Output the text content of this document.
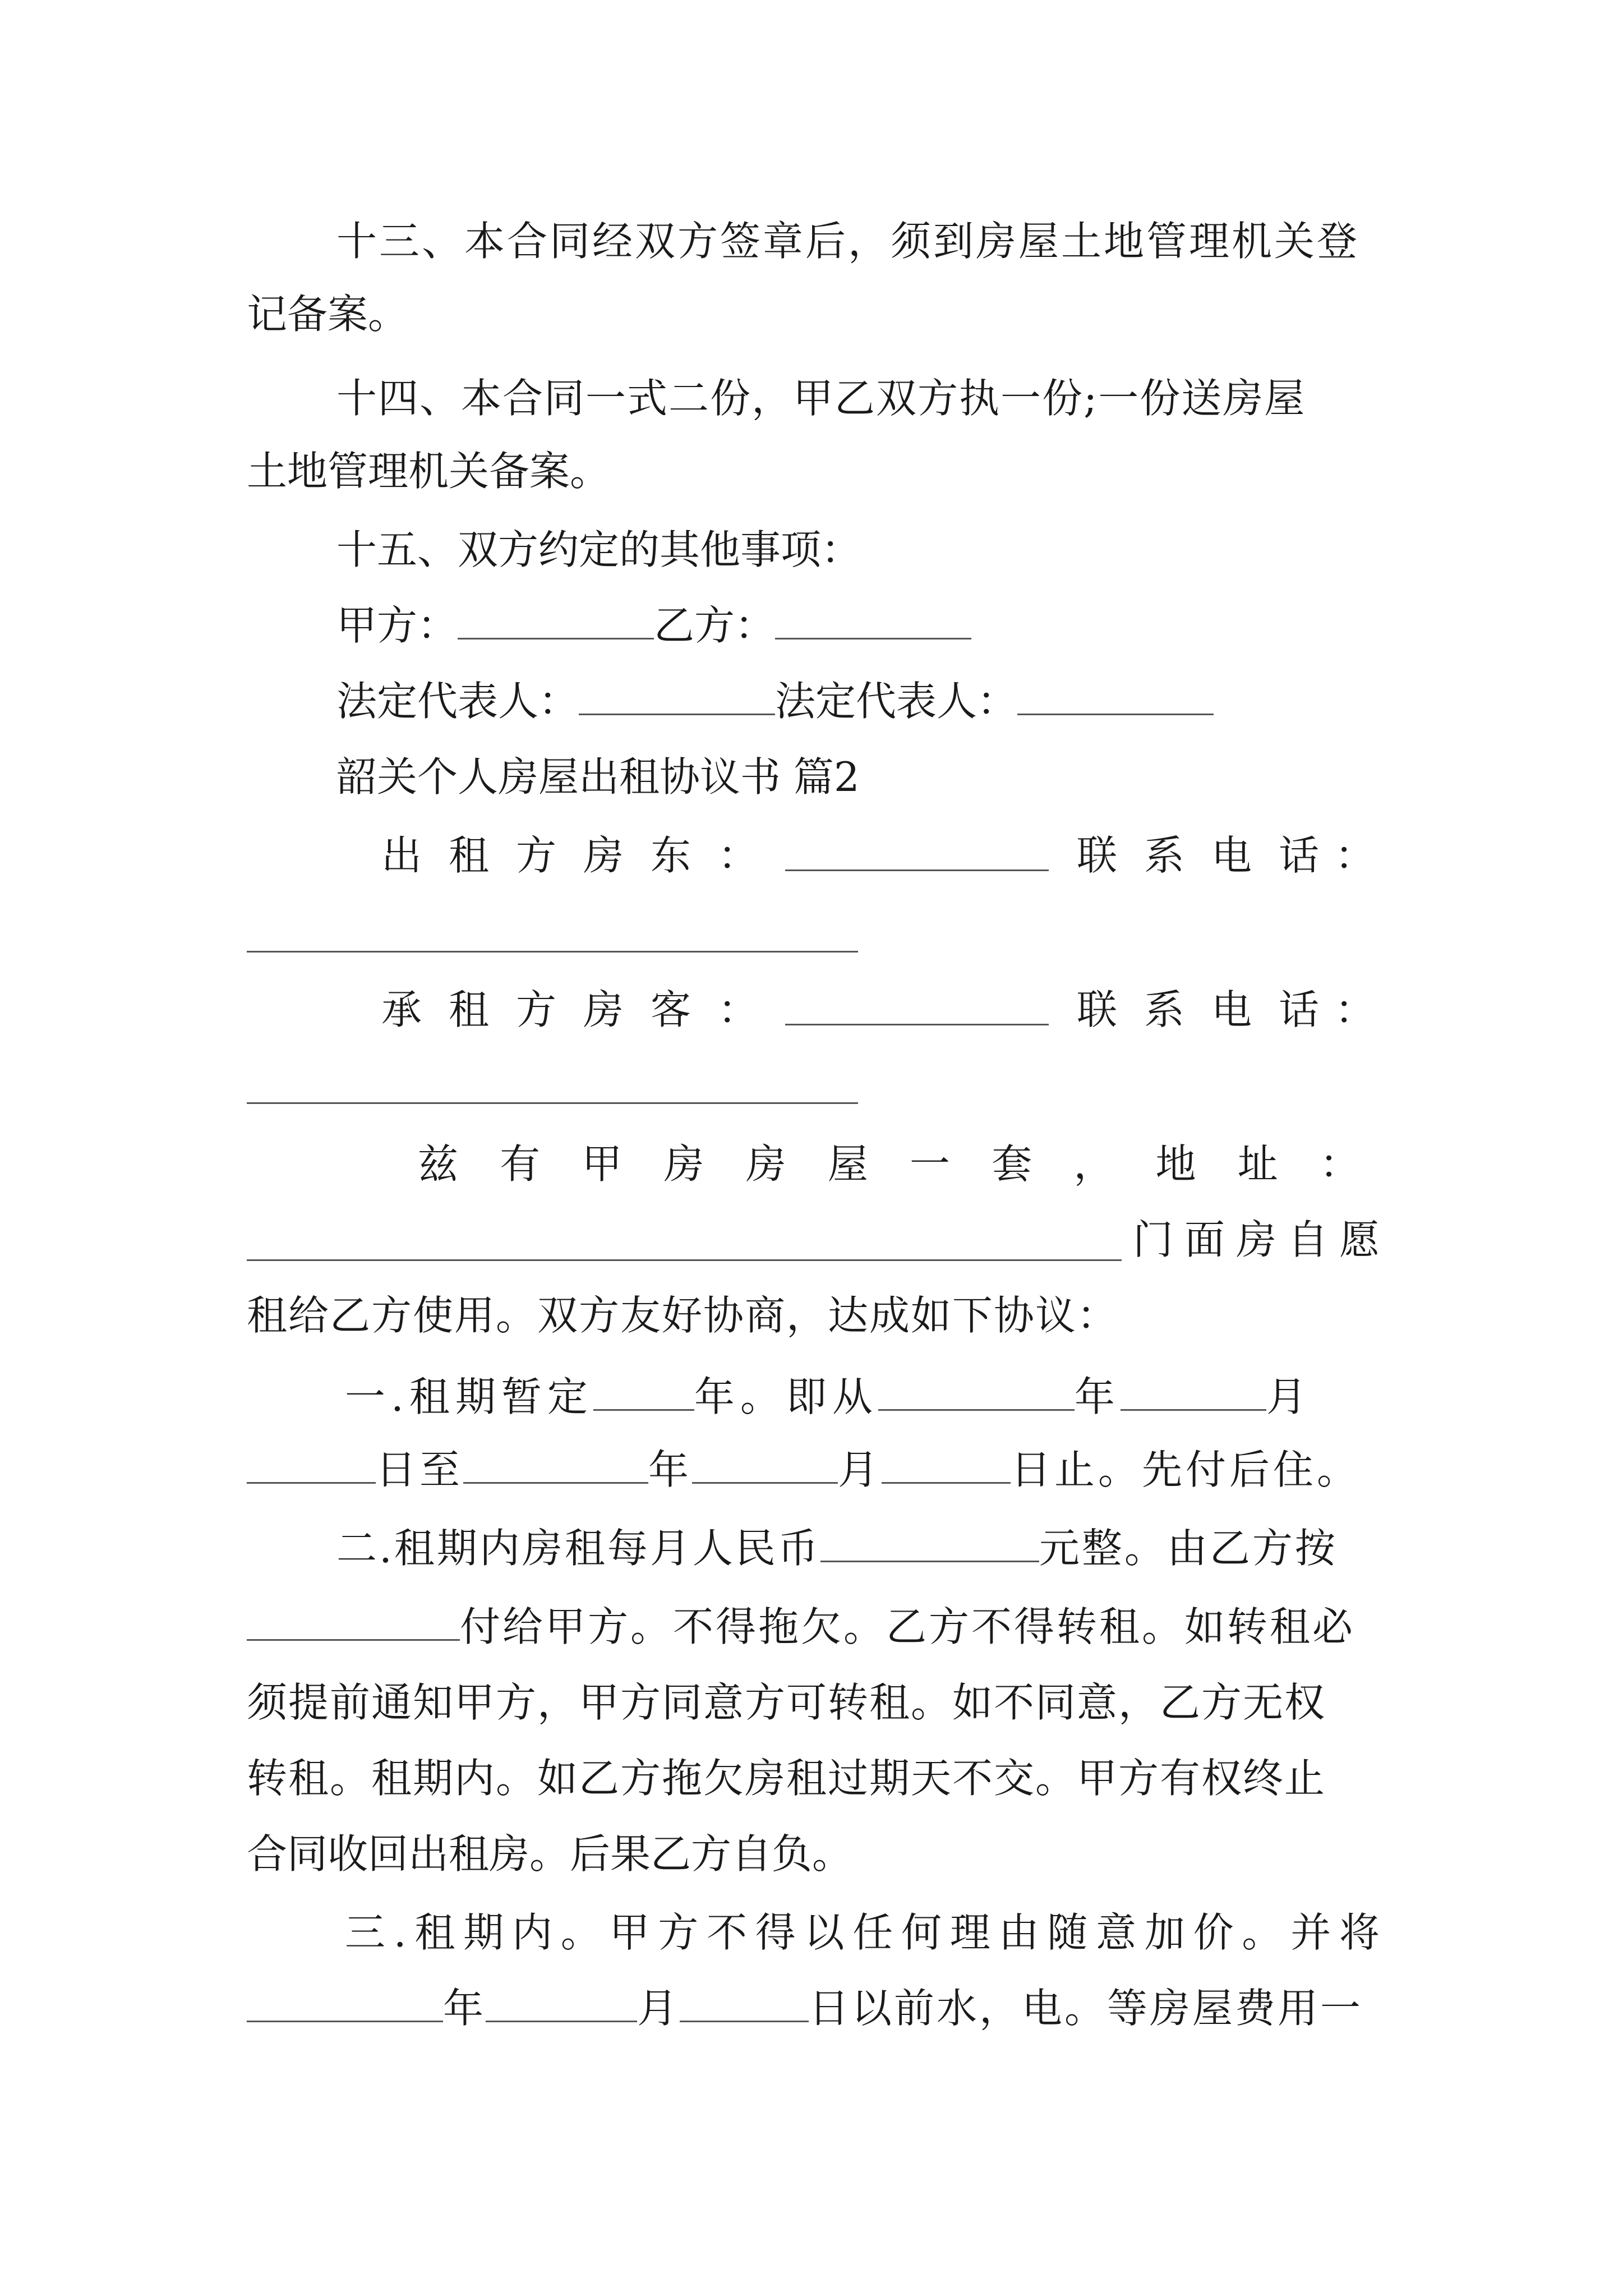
十三、本合同经双方签章后，须到房屋土地管理机关登
记备案。
十四、本合同一式二份，甲乙双方执一份;一份送房屋
土地管理机关备案。
十五、双方约定的其他事项：
甲方：	乙方：
法定代表人：	法定代表人：
韶关个人房屋出租协议书 篇2
出 租 方 房 东 ：	联 系 电 话 ：
承 租 方 房 客 ：	联 系 电 话 ：
兹 有 甲 房 房 屋 一 套 ， 地 址 ：
门 面 房 自 愿
租给乙方使用。双方友好协商，达成如下协议：
一.租期暂定	年。即从	年	月
日至	年	月	日止。先付后住。
二.租期内房租每月人民币	元整。由乙方按
付给甲方。不得拖欠。乙方不得转租。如转租必
须提前通知甲方，甲方同意方可转租。如不同意，乙方无权
转租。租期内。如乙方拖欠房租过期天不交。甲方有权终止
合同收回出租房。后果乙方自负。
三 . 租 期 内 。 甲 方 不 得 以 任 何 理 由 随 意 加 价 。 并 将
年	月	日以前水，电。等房屋费用一
